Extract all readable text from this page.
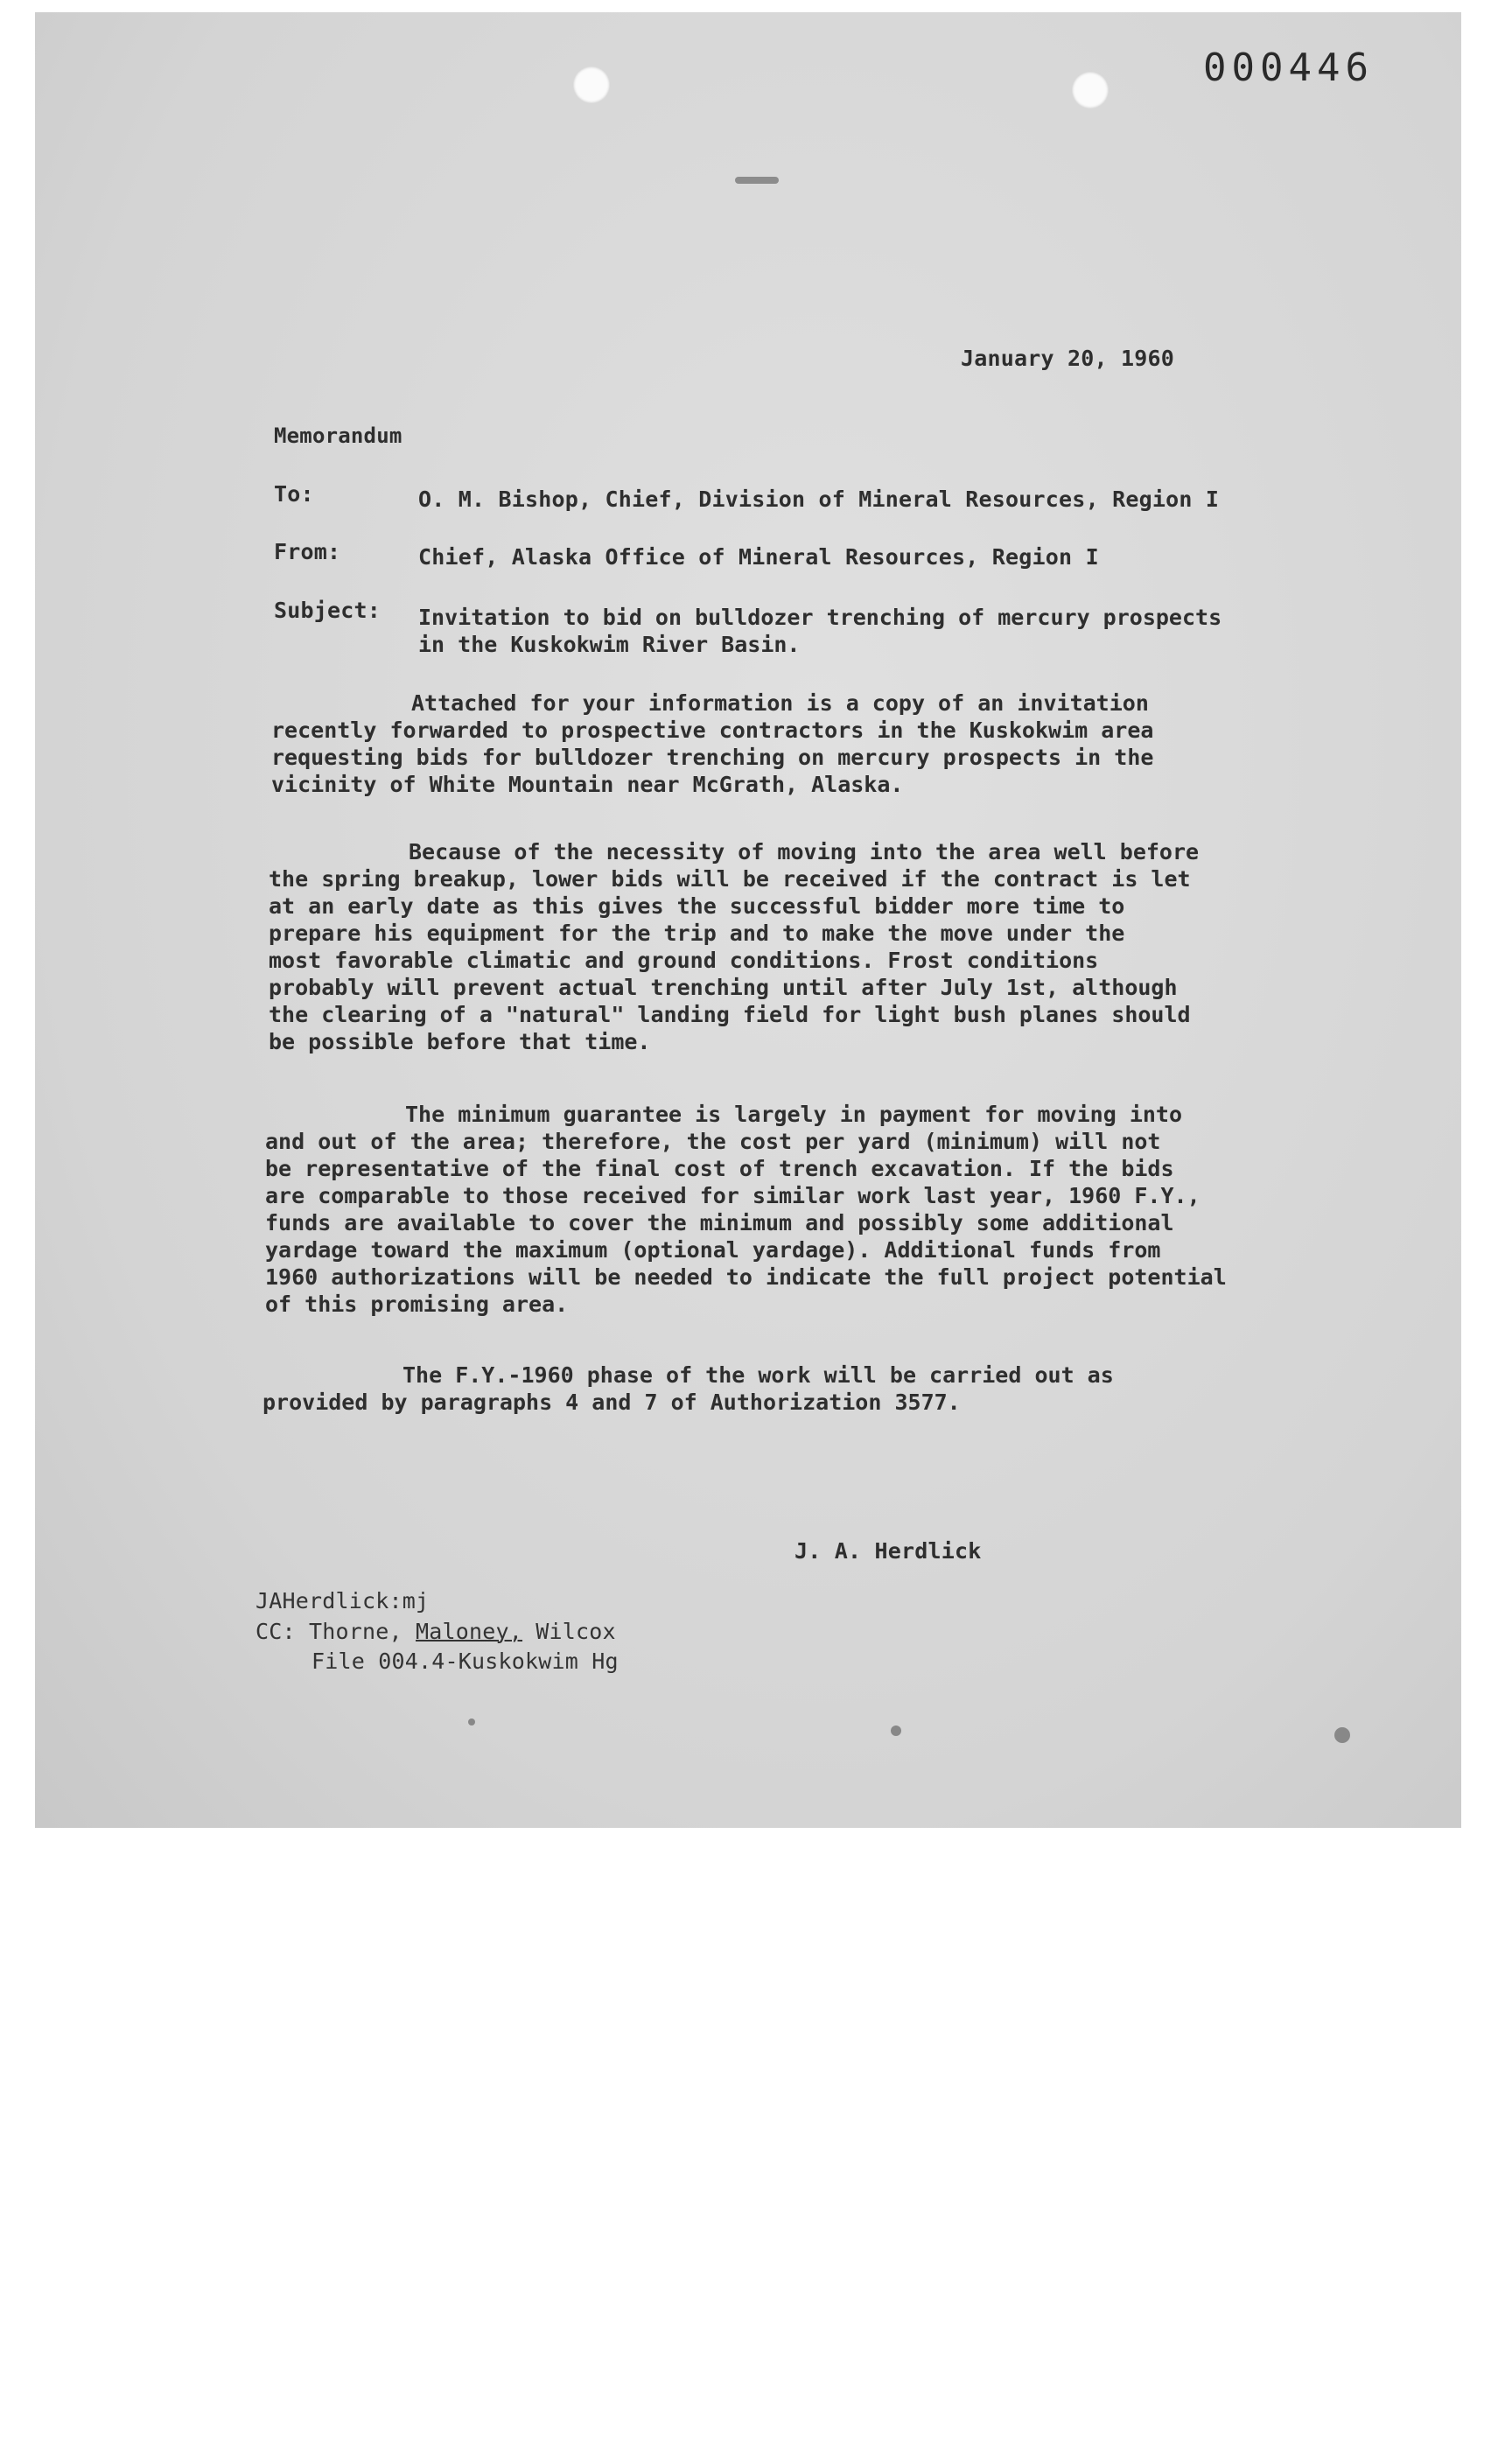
000446
January 20, 1960
Memorandum
To:	O. M. Bishop, Chief, Division of Mineral Resources, Region I
From:	Chief, Alaska Office of Mineral Resources, Region I
Subject: Invitation to bid on bulldozer trenching of mercury prospects
in the Kuskokwim River Basin.
Attached for your information is a copy of an invitation
recently forwarded to prospective contractors in the Kuskokwim area
requesting bids for bulldozer trenching on mercury prospects in the
vicinity of White Mountain near McGrath, Alaska.
Because of the necessity of moving into the area well before
the spring breakup, lower bids will be received if the contract is let
at an early date as this gives the successful bidder more time to
prepare his equipment for the trip and to make the move under the
most favorable climatic and ground conditions. Frost conditions
probably will prevent actual trenching until after July 1st, although
the clearing of a "natural" landing field for light bush planes should
be possible before that time.
The minimum guarantee is largely in payment for moving into
and out of the area; therefore, the cost per yard (minimum) will not
be representative of the final cost of trench excavation. If the bids
are comparable to those received for similar work last year, 1960 F.Y.,
funds are available to cover the minimum and possibly some additional
yardage toward the maximum (optional yardage). Additional funds from
1960 authorizations will be needed to indicate the full project potential
of this promising area.
The F.Y.-1960 phase of the work will be carried out as
provided by paragraphs 4 and 7 of Authorization 3577.
J. A. Herdlick
JAHerdlick:mj
CC: Thorne, Maloney, Wilcox
File 004.4-Kuskokwim Hg
